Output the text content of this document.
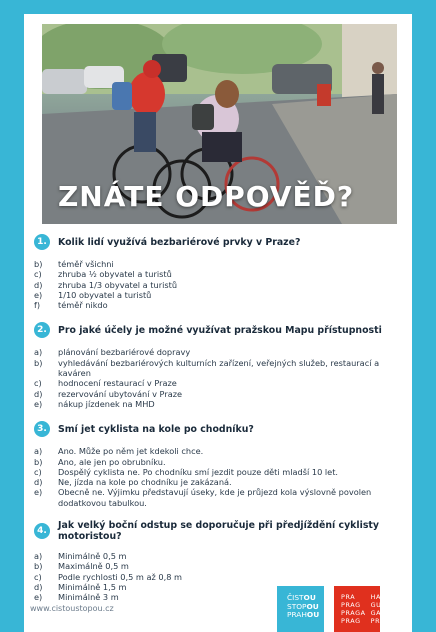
ZNÁTE ODPOVĚĎ?
1.	Kolik lidí využívá bezbariérové prvky v Praze?
b)	téměř všichni
c)	zhruba ½ obyvatel a turistů
d)	zhruba 1/3 obyvatel a turistů
e)	1/10 obyvatel a turistů
f)	téměř nikdo
2.	Pro jaké účely je možné využívat pražskou Mapu přístupnosti
a)	plánování bezbariérové dopravy
b)	vyhledávání bezbariérových kulturních zařízení, veřejných služeb, restaurací a kaváren
c)	hodnocení restaurací v Praze
d)	rezervování ubytování v Praze
e)	nákup jízdenek na MHD
3.	Smí jet cyklista na kole po chodníku?
a)	Ano. Může po něm jet kdekoli chce.
b)	Ano, ale jen po obrubníku.
c)	Dospělý cyklista ne. Po chodníku smí jezdit pouze děti mladší 10 let.
d)	Ne, jízda na kole po chodníku je zakázaná.
e)	Obecně ne. Výjimku představují úseky, kde je průjezd kola výslovně povolen dodatkovou tabulkou.
4.	Jak velký boční odstup se doporučuje při předjíždění cyklisty motoristou?
a)	Minimálně 0,5 m
b)	Maximálně 0,5 m
c)	Podle rychlosti 0,5 m až 0,8 m
d)	Minimálně 1,5 m
e)	Minimálně 3 m
www.cistoustopou.cz
ČISTOU
STOPOU
PRAHOU
PRA
PRAG
PRAGA
PRAG
HA
GUE
GA
PRAG
